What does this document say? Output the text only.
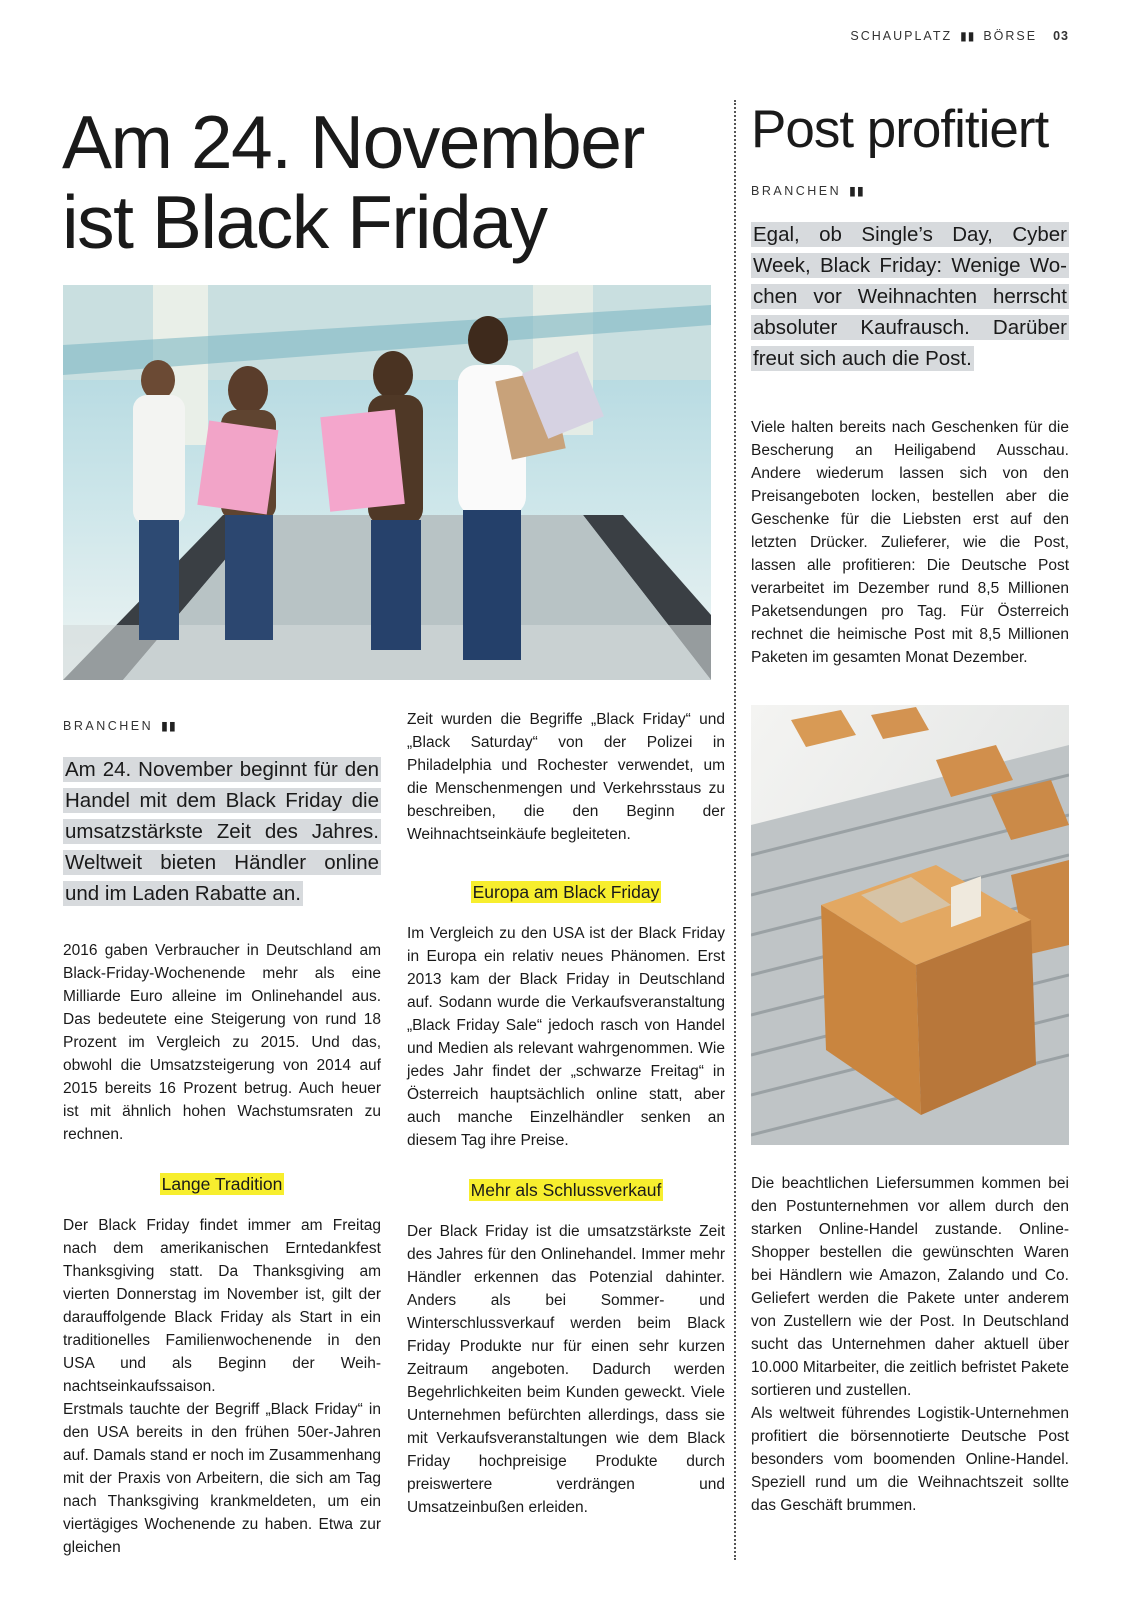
SCHAUPLATZ ▮▮ BÖRSE 03
Am 24. November
ist Black Friday
BRANCHEN ▮▮

Am 24. November beginnt für den Handel mit dem Black Friday die umsatzstärkste Zeit des Jahres. Weltweit bieten Händler online und im Laden Rabatte an.

2016 gaben Verbraucher in Deutschland am Black-Friday-Wochenende mehr als eine Milliarde Euro alleine im Onlinehandel aus. Das bedeutete eine Steigerung von rund 18 Prozent im Vergleich zu 2015. Und das, obwohl die Umsatzsteigerung von 2014 auf 2015 bereits 16 Prozent betrug. Auch heuer ist mit ähnlich hohen Wachstumsraten zu rechnen.

Lange Tradition

Der Black Friday findet immer am Freitag nach dem amerikanischen Erntedankfest Thanksgiving statt. Da Thanksgiving am vierten Donnerstag im November ist, gilt der darauffolgende Black Friday als Start in ein traditionelles Familienwochenende in den USA und als Beginn der Weihnachtseinkaufssaison.

Erstmals tauchte der Begriff „Black Friday“ in den USA bereits in den frühen 50er-Jahren auf. Damals stand er noch im Zusammenhang mit der Praxis von Arbeitern, die sich am Tag nach Thanksgiving krankmeldeten, um ein viertägiges Wochenende zu haben. Etwa zur gleichen

Zeit wurden die Begriffe „Black Friday“ und „Black Saturday“ von der Polizei in Philadelphia und Rochester verwendet, um die Menschenmengen und Verkehrsstaus zu beschreiben, die den Beginn der Weihnachtseinkäufe begleiteten.

Europa am Black Friday

Im Vergleich zu den USA ist der Black Friday in Europa ein relativ neues Phänomen. Erst 2013 kam der Black Friday in Deutschland auf. Sodann wurde die Verkaufsveranstaltung „Black Friday Sale“ jedoch rasch von Handel und Medien als relevant wahrgenommen. Wie jedes Jahr findet der „schwarze Freitag“ in Österreich hauptsächlich online statt, aber auch manche Einzelhändler senken an diesem Tag ihre Preise.

Mehr als Schlussverkauf

Der Black Friday ist die umsatzstärkste Zeit des Jahres für den Onlinehandel. Immer mehr Händler erkennen das Potenzial dahinter. Anders als bei Sommer- und Winterschlussverkauf werden beim Black Friday Produkte nur für einen sehr kurzen Zeitraum angeboten. Dadurch werden Begehrlichkeiten beim Kunden geweckt. Viele Unternehmen befürchten allerdings, dass sie mit Verkaufsveranstaltungen wie dem Black Friday hochpreisige Produkte durch preiswertere verdrängen und Umsatzeinbußen erleiden.

Post profitiert
BRANCHEN ▮▮

Egal, ob Single’s Day, Cyber Week, Black Friday: Wenige Wochen vor Weihnachten herrscht absoluter Kaufrausch. Darüber freut sich auch die Post.

Viele halten bereits nach Geschenken für die Bescherung an Heiligabend Ausschau. Andere wiederum lassen sich von den Preisangeboten locken, bestellen aber die Geschenke für die Liebsten erst auf den letzten Drücker. Zulieferer, wie die Post, lassen alle profitieren: Die Deutsche Post verarbeitet im Dezember rund 8,5 Millionen Paketsendungen pro Tag. Für Österreich rechnet die heimische Post mit 8,5 Millionen Paketen im gesamten Monat Dezember.

Die beachtlichen Liefersummen kommen bei den Postunternehmen vor allem durch den starken Online-Handel zustande. Online-Shopper bestellen die gewünschten Waren bei Händlern wie Amazon, Zalando und Co. Geliefert werden die Pakete unter anderem von Zustellern wie der Post. In Deutschland sucht das Unternehmen daher aktuell über 10.000 Mitarbeiter, die zeitlich befristet Pakete sortieren und zustellen.

Als weltweit führendes Logistik-Unternehmen profitiert die börsennotierte Deutsche Post besonders vom boomenden Online-Handel. Speziell rund um die Weihnachtszeit sollte das Geschäft brummen.
